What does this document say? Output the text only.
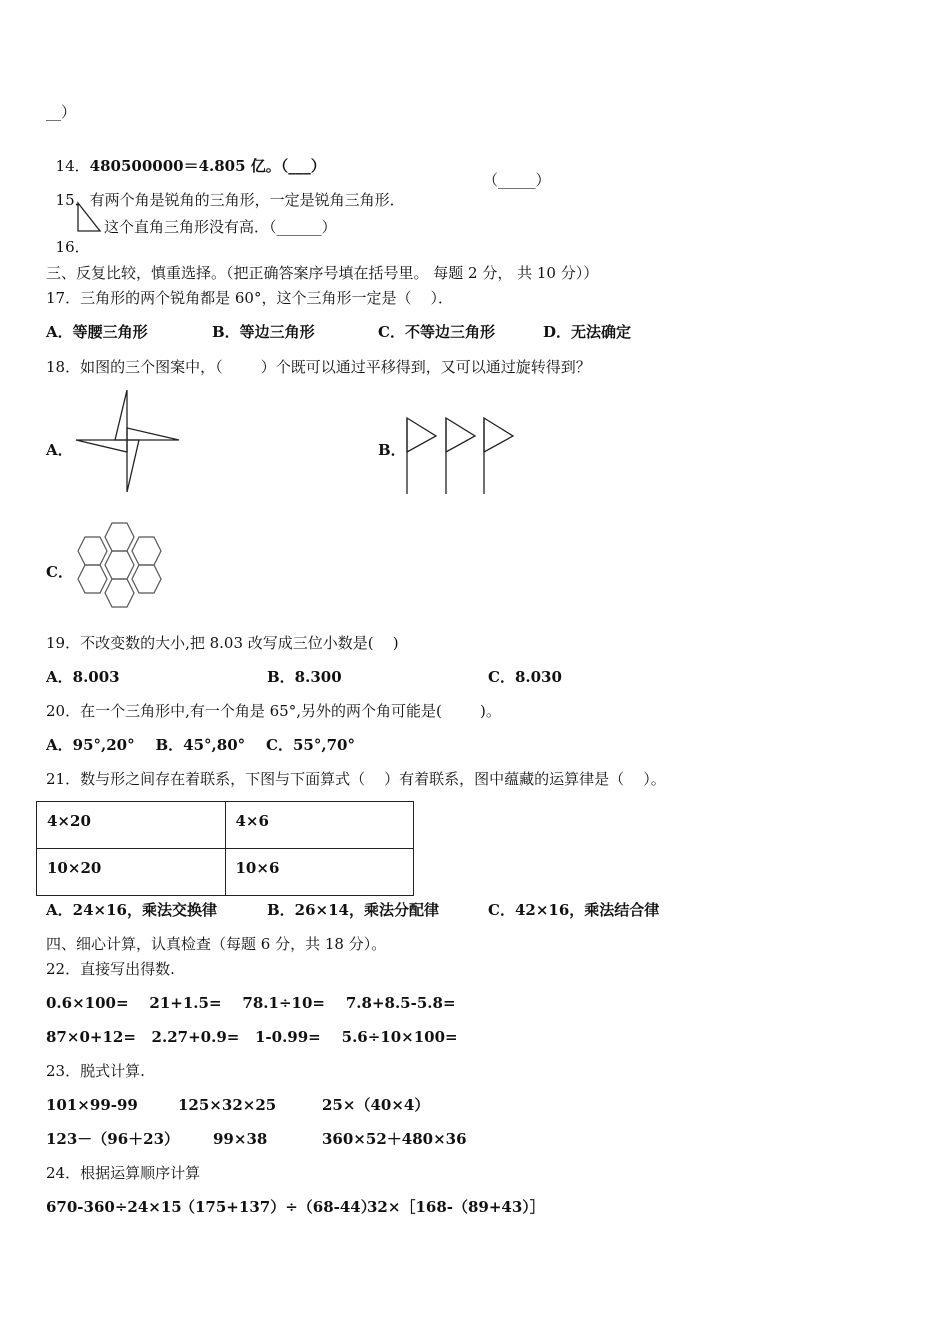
__）

14．480500000＝4.805 亿。（___）

15．有两个角是锐角的三角形，一定是锐角三角形．

（_____）

16．

这个直角三角形没有高．（______）
三、反复比较，慎重选择。（把正确答案序号填在括号里。 每题 2 分， 共 10 分））
17．三角形的两个锐角都是 60°，这个三角形一定是（    ）．
A．等腰三角形	B．等边三角形	C．不等边三角形	D．无法确定
18．如图的三个图案中，（        ）个既可以通过平移得到，又可以通过旋转得到？
A．	B．
C．
19．不改变数的大小,把 8.03 改写成三位小数是(    )
A．8.003	B．8.300	C．8.030
20．在一个三角形中,有一个角是 65°,另外的两个角可能是(        )。
A．95°,20°    B．45°,80°    C．55°,70°
21．数与形之间存在着联系，下图与下面算式（    ）有着联系，图中蕴藏的运算律是（    ）。
4×20	4×6
10×20	10×6
A．24×16，乘法交换律	B．26×14，乘法分配律	C．42×16，乘法结合律
四、细心计算，认真检查（每题 6 分，共 18 分）。
22．直接写出得数.
0.6×100=    21+1.5=    78.1÷10=    7.8+8.5-5.8=
87×0+12=   2.27+0.9=   1-0.99=    5.6÷10×100=
23．脱式计算.
101×99-99	125×32×25	25×（40×4）
123－（96＋23） 99×38	360×52＋480×36
24．根据运算顺序计算
670-360÷24×15
（175+137）÷（68-44）
32×［168-（89+43）］
